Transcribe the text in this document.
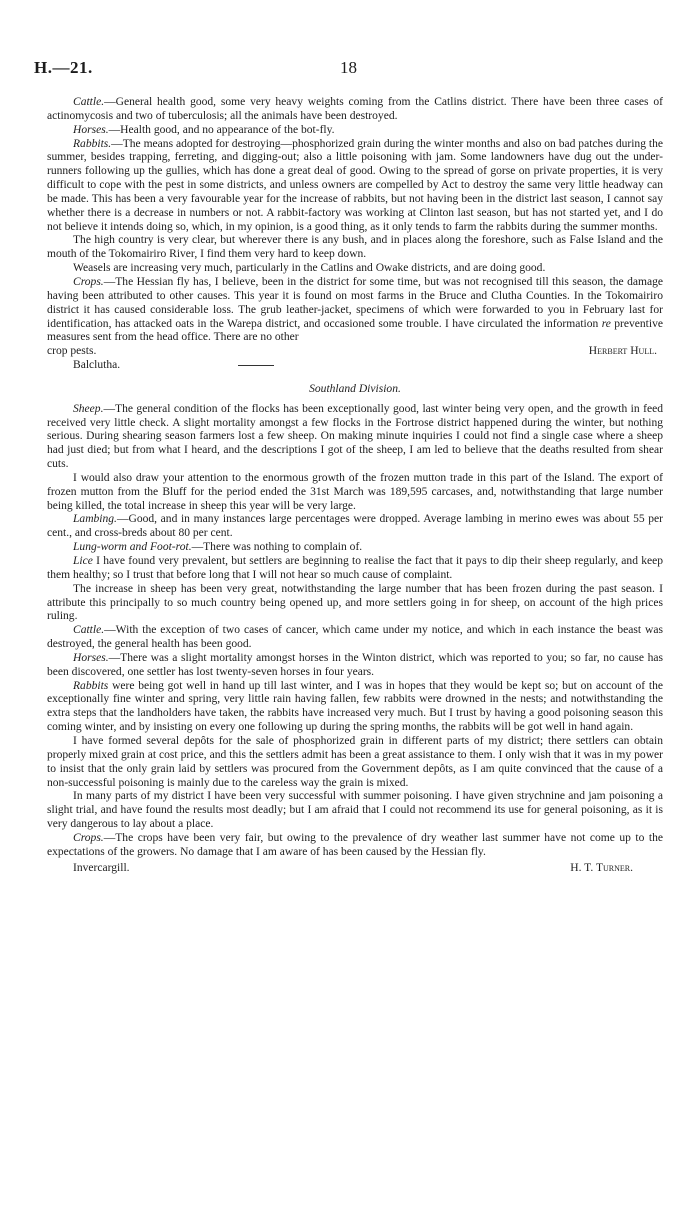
H.—21.	18

Cattle.—General health good, some very heavy weights coming from the Catlins district. There have been three cases of actinomycosis and two of tuberculosis; all the animals have been destroyed.

Horses.—Health good, and no appearance of the bot-fly.

Rabbits.—The means adopted for destroying—phosphorized grain during the winter months and also on bad patches during the summer, besides trapping, ferreting, and digging-out; also a little poisoning with jam. Some landowners have dug out the under-runners following up the gullies, which has done a great deal of good. Owing to the spread of gorse on private properties, it is very difficult to cope with the pest in some districts, and unless owners are compelled by Act to destroy the same very little headway can be made. This has been a very favourable year for the increase of rabbits, but not having been in the district last season, I cannot say whether there is a decrease in numbers or not. A rabbit-factory was working at Clinton last season, but has not started yet, and I do not believe it intends doing so, which, in my opinion, is a good thing, as it only tends to farm the rabbits during the summer months.

The high country is very clear, but wherever there is any bush, and in places along the foreshore, such as False Island and the mouth of the Tokomairiro River, I find them very hard to keep down.

Weasels are increasing very much, particularly in the Catlins and Owake districts, and are doing good.

Crops.—The Hessian fly has, I believe, been in the district for some time, but was not recognised till this season, the damage having been attributed to other causes. This year it is found on most farms in the Bruce and Clutha Counties. In the Tokomairiro district it has caused considerable loss. The grub leather-jacket, specimens of which were forwarded to you in February last for identification, has attacked oats in the Warepa district, and occasioned some trouble. I have circulated the information re preventive measures sent from the head office. There are no other

crop pests.	Herbert Hull.
Balclutha.
Southland Division.

Sheep.—The general condition of the flocks has been exceptionally good, last winter being very open, and the growth in feed received very little check. A slight mortality amongst a few flocks in the Fortrose district happened during the winter, but nothing serious. During shearing season farmers lost a few sheep. On making minute inquiries I could not find a single case where a sheep had just died; but from what I heard, and the descriptions I got of the sheep, I am led to believe that the deaths resulted from shear cuts.

I would also draw your attention to the enormous growth of the frozen mutton trade in this part of the Island. The export of frozen mutton from the Bluff for the period ended the 31st March was 189,595 carcases, and, notwithstanding that large number being killed, the total increase in sheep this year will be very large.

Lambing.—Good, and in many instances large percentages were dropped. Average lambing in merino ewes was about 55 per cent., and cross-breds about 80 per cent.

Lung-worm and Foot-rot.—There was nothing to complain of.

Lice I have found very prevalent, but settlers are beginning to realise the fact that it pays to dip their sheep regularly, and keep them healthy; so I trust that before long that I will not hear so much cause of complaint.

The increase in sheep has been very great, notwithstanding the large number that has been frozen during the past season. I attribute this principally to so much country being opened up, and more settlers going in for sheep, on account of the high prices ruling.

Cattle.—With the exception of two cases of cancer, which came under my notice, and which in each instance the beast was destroyed, the general health has been good.

Horses.—There was a slight mortality amongst horses in the Winton district, which was reported to you; so far, no cause has been discovered, one settler has lost twenty-seven horses in four years.

Rabbits were being got well in hand up till last winter, and I was in hopes that they would be kept so; but on account of the exceptionally fine winter and spring, very little rain having fallen, few rabbits were drowned in the nests; and notwithstanding the extra steps that the landholders have taken, the rabbits have increased very much. But I trust by having a good poisoning season this coming winter, and by insisting on every one following up during the spring months, the rabbits will be got well in hand again.

I have formed several depôts for the sale of phosphorized grain in different parts of my district; there settlers can obtain properly mixed grain at cost price, and this the settlers admit has been a great assistance to them. I only wish that it was in my power to insist that the only grain laid by settlers was procured from the Government depôts, as I am quite convinced that the cause of a non-successful poisoning is mainly due to the careless way the grain is mixed.

In many parts of my district I have been very successful with summer poisoning. I have given strychnine and jam poisoning a slight trial, and have found the results most deadly; but I am afraid that I could not recommend its use for general poisoning, as it is very dangerous to lay about a place.

Crops.—The crops have been very fair, but owing to the prevalence of dry weather last summer have not come up to the expectations of the growers. No damage that I am aware of has been caused by the Hessian fly.

Invercargill.	H. T. Turner.
